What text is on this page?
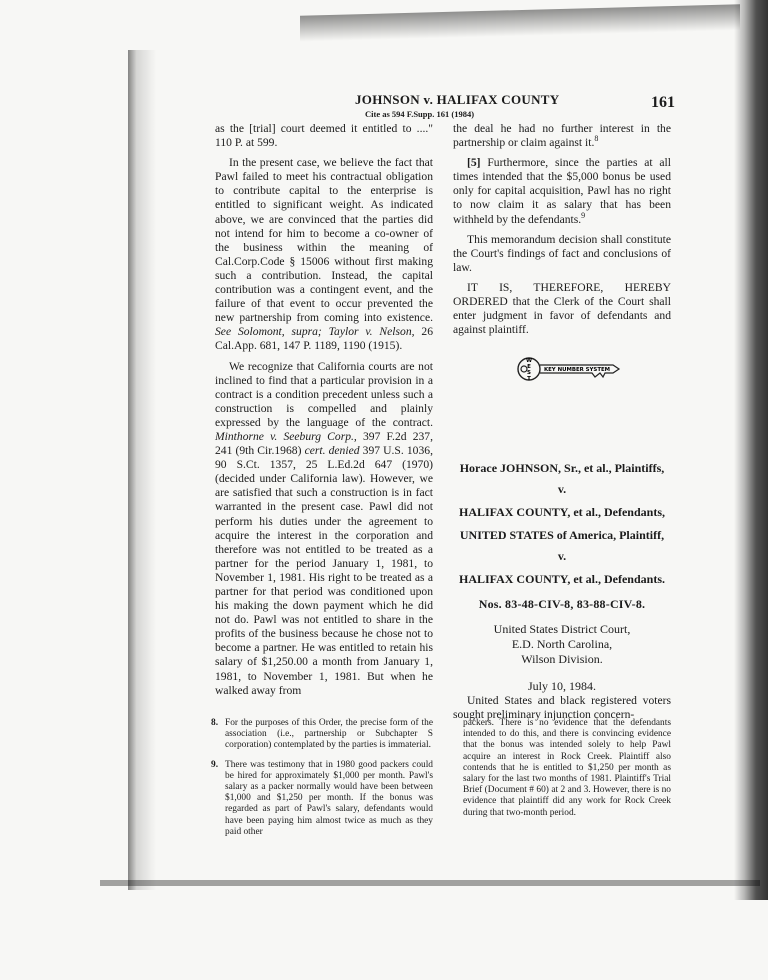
JOHNSON v. HALIFAX COUNTY
Cite as 594 F.Supp. 161 (1984)
161

as the [trial] court deemed it entitled to ...." 110 P. at 599.

In the present case, we believe the fact that Pawl failed to meet his contractual obligation to contribute capital to the enterprise is entitled to significant weight. As indicated above, we are convinced that the parties did not intend for him to become a co-owner of the business within the meaning of Cal.Corp.Code § 15006 without first making such a contribution. Instead, the capital contribution was a contingent event, and the failure of that event to occur prevented the new partnership from coming into existence. See Solomont, supra; Taylor v. Nelson, 26 Cal.App. 681, 147 P. 1189, 1190 (1915).

We recognize that California courts are not inclined to find that a particular provision in a contract is a condition precedent unless such a construction is compelled and plainly expressed by the language of the contract. Minthorne v. Seeburg Corp., 397 F.2d 237, 241 (9th Cir.1968) cert. denied 397 U.S. 1036, 90 S.Ct. 1357, 25 L.Ed.2d 647 (1970) (decided under California law). However, we are satisfied that such a construction is in fact warranted in the present case. Pawl did not perform his duties under the agreement to acquire the interest in the corporation and therefore was not entitled to be treated as a partner for the period January 1, 1981, to November 1, 1981. His right to be treated as a partner for that period was conditioned upon his making the down payment which he did not do. Pawl was not entitled to share in the profits of the business because he chose not to become a partner. He was entitled to retain his salary of $1,250.00 a month from January 1, 1981, to November 1, 1981. But when he walked away from

the deal he had no further interest in the partnership or claim against it.$^8$

[5] Furthermore, since the parties at all times intended that the $5,000 bonus be used only for capital acquisition, Pawl has no right to now claim it as salary that has been withheld by the defendants.$^9$

This memorandum decision shall constitute the Court's findings of fact and conclusions of law.

IT IS, THEREFORE, HEREBY ORDERED that the Clerk of the Court shall enter judgment in favor of defendants and against plaintiff.

W
E
S
T
KEY NUMBER SYSTEM
Horace JOHNSON, Sr., et al., Plaintiffs,
v.
HALIFAX COUNTY, et al., Defendants,
UNITED STATES of America, Plaintiff,
v.
HALIFAX COUNTY, et al., Defendants.
Nos. 83-48-CIV-8, 83-88-CIV-8.
United States District Court,
E.D. North Carolina,
Wilson Division.
July 10, 1984.

United States and black registered voters sought preliminary injunction concern-

8. For the purposes of this Order, the precise form of the association (i.e., partnership or Subchapter S corporation) contemplated by the parties is immaterial.
9. There was testimony that in 1980 good packers could be hired for approximately $1,000 per month. Pawl's salary as a packer normally would have been between $1,000 and $1,250 per month. If the bonus was regarded as part of Pawl's salary, defendants would have been paying him almost twice as much as they paid other
packers. There is no evidence that the defendants intended to do this, and there is convincing evidence that the bonus was intended solely to help Pawl acquire an interest in Rock Creek. Plaintiff also contends that he is entitled to $1,250 per month as salary for the last two months of 1981. Plaintiff's Trial Brief (Document # 60) at 2 and 3. However, there is no evidence that plaintiff did any work for Rock Creek during that two-month period.
